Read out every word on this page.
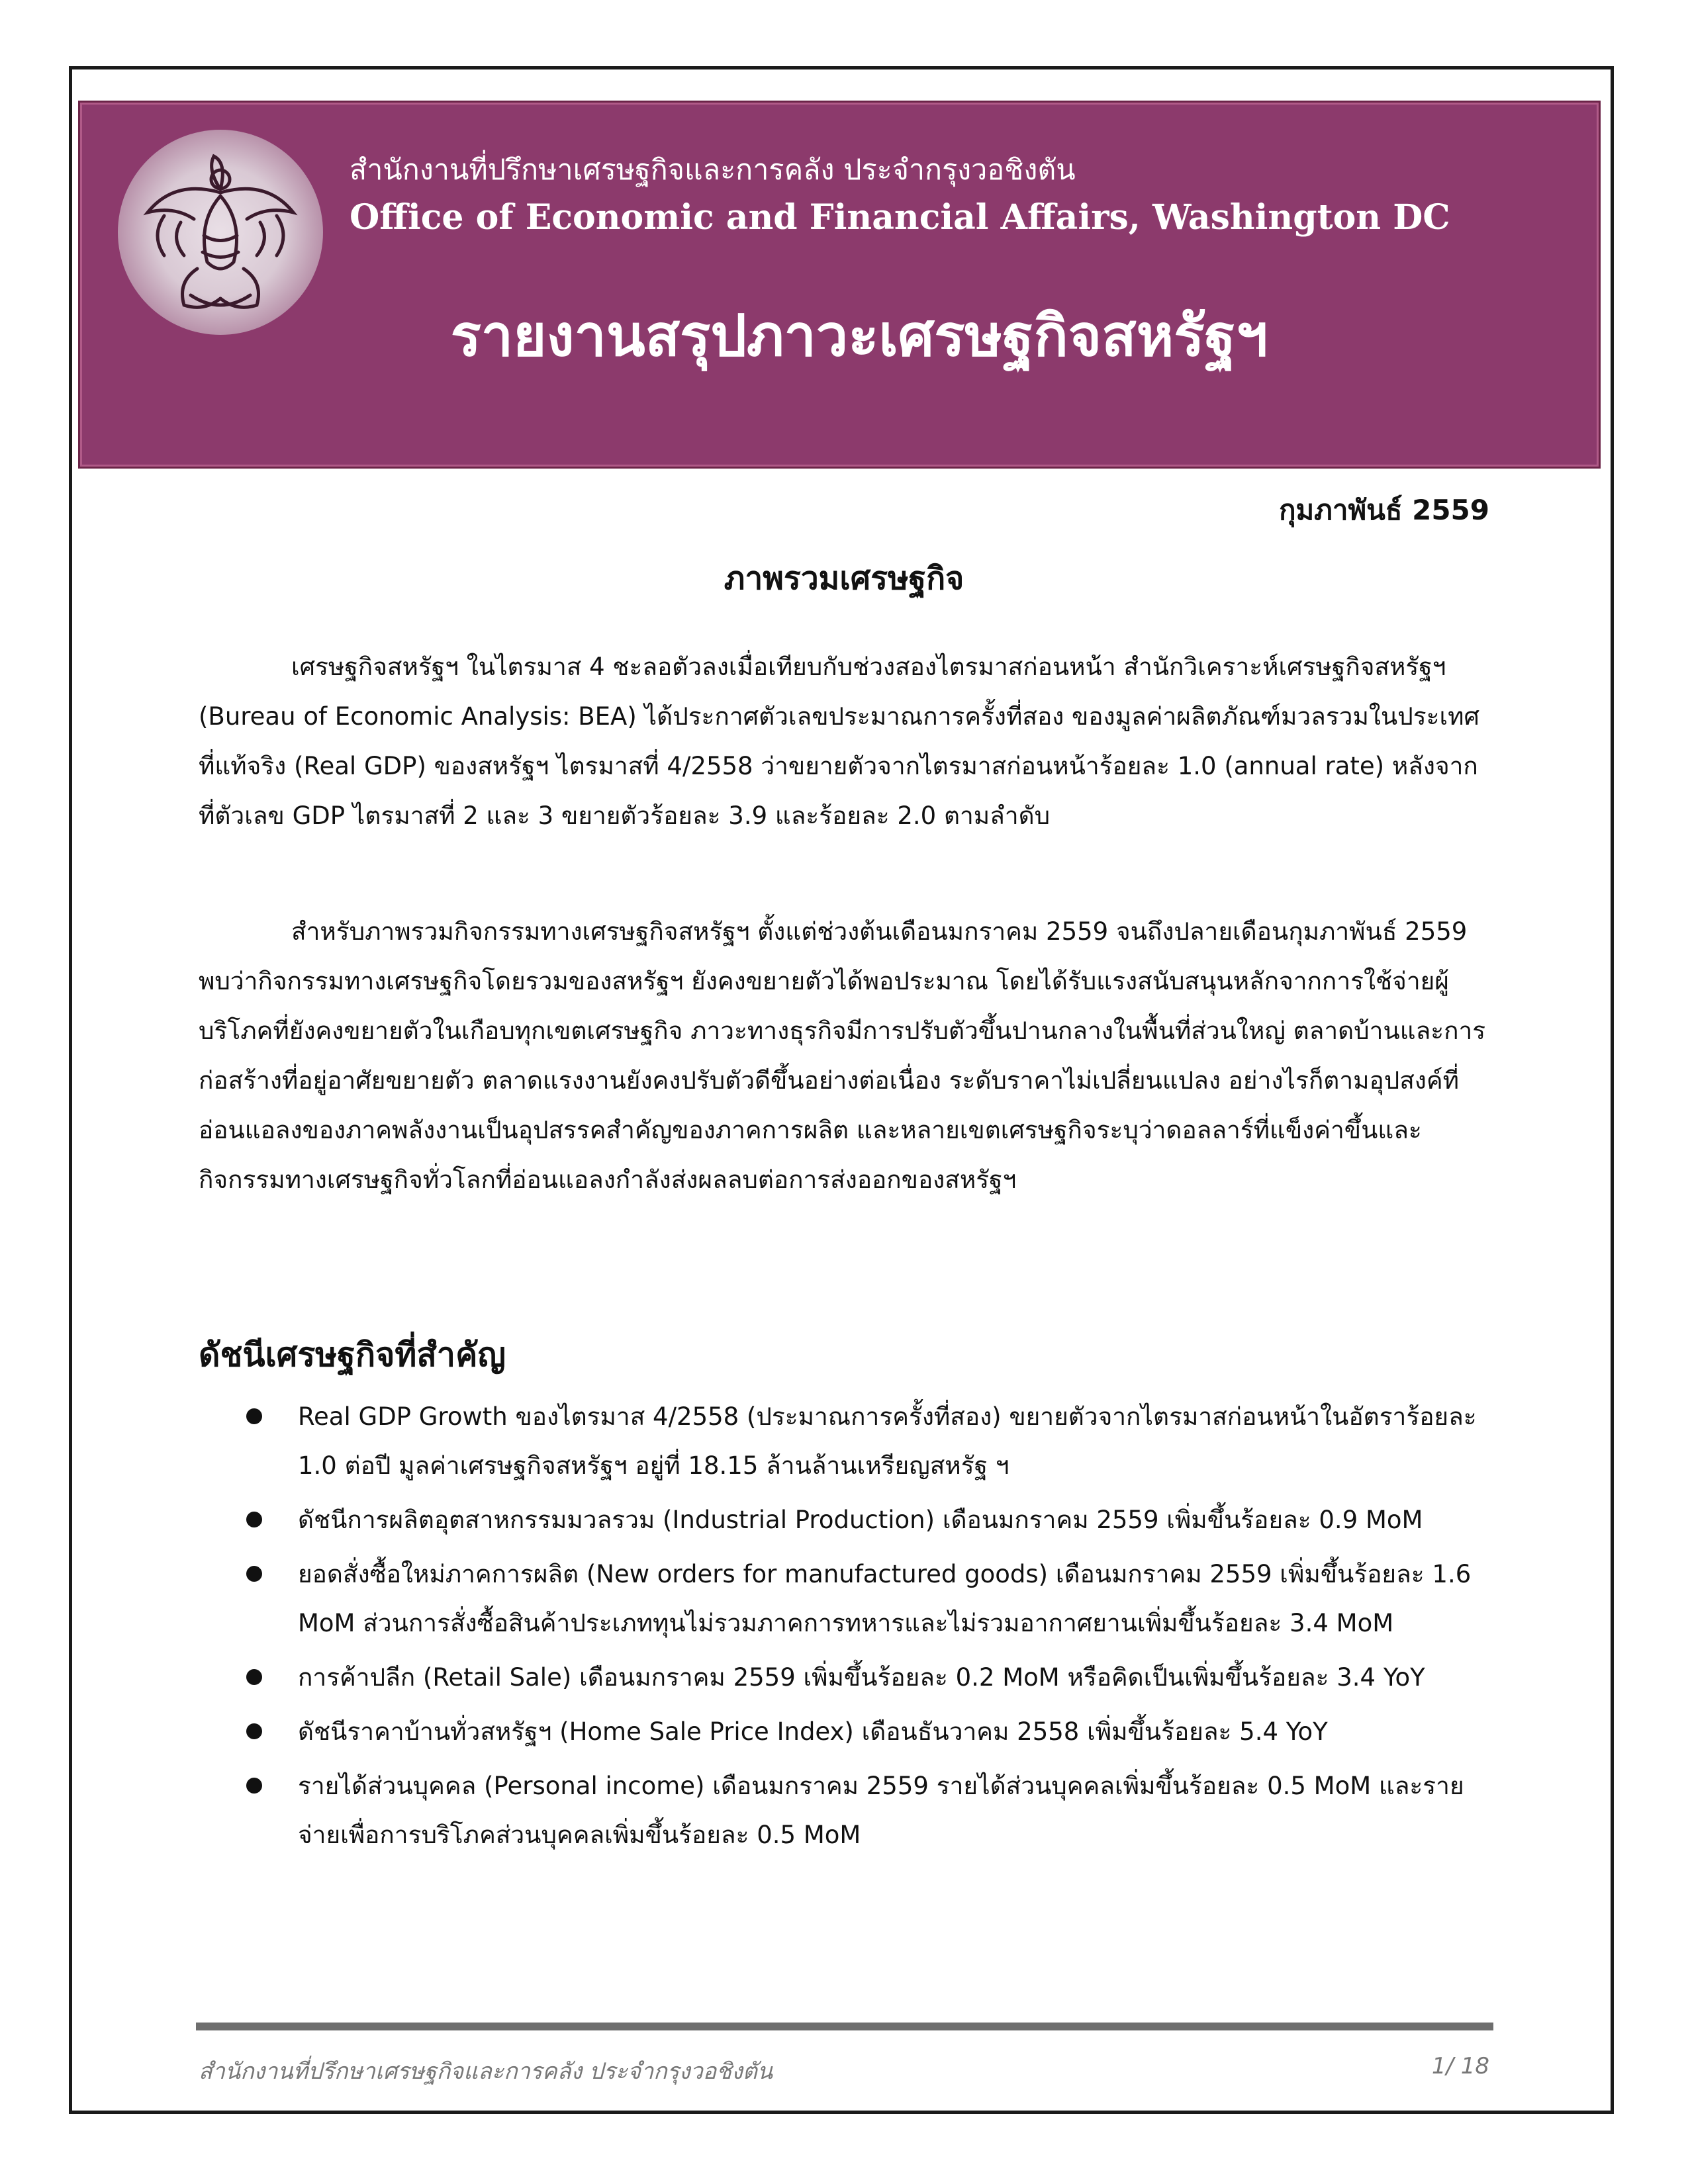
สำนักงานที่ปรึกษาเศรษฐกิจและการคลัง ประจำกรุงวอชิงตัน
Office of Economic and Financial Affairs, Washington DC
รายงานสรุปภาวะเศรษฐกิจสหรัฐฯ
กุมภาพันธ์ 2559
ภาพรวมเศรษฐกิจ

เศรษฐกิจสหรัฐฯ ในไตรมาส 4 ชะลอตัวลงเมื่อเทียบกับช่วงสองไตรมาสก่อนหน้า สำนักวิเคราะห์เศรษฐกิจสหรัฐฯ (Bureau of Economic Analysis: BEA) ได้ประกาศตัวเลขประมาณการครั้งที่สอง ของมูลค่าผลิตภัณฑ์มวลรวมในประเทศที่แท้จริง (Real GDP) ของสหรัฐฯ ไตรมาสที่ 4/2558 ว่าขยายตัวจากไตรมาสก่อนหน้าร้อยละ 1.0 (annual rate) หลังจากที่ตัวเลข GDP ไตรมาสที่ 2 และ 3 ขยายตัวร้อยละ 3.9 และร้อยละ 2.0 ตามลำดับ

สำหรับภาพรวมกิจกรรมทางเศรษฐกิจสหรัฐฯ ตั้งแต่ช่วงต้นเดือนมกราคม 2559 จนถึงปลายเดือนกุมภาพันธ์ 2559 พบว่ากิจกรรมทางเศรษฐกิจโดยรวมของสหรัฐฯ ยังคงขยายตัวได้พอประมาณ โดยได้รับแรงสนับสนุนหลักจากการใช้จ่ายผู้บริโภคที่ยังคงขยายตัวในเกือบทุกเขตเศรษฐกิจ ภาวะทางธุรกิจมีการปรับตัวขึ้นปานกลางในพื้นที่ส่วนใหญ่ ตลาดบ้านและการก่อสร้างที่อยู่อาศัยขยายตัว ตลาดแรงงานยังคงปรับตัวดีขึ้นอย่างต่อเนื่อง ระดับราคาไม่เปลี่ยนแปลง อย่างไรก็ตามอุปสงค์ที่อ่อนแอลงของภาคพลังงานเป็นอุปสรรคสำคัญของภาคการผลิต และหลายเขตเศรษฐกิจระบุว่าดอลลาร์ที่แข็งค่าขึ้นและกิจกรรมทางเศรษฐกิจทั่วโลกที่อ่อนแอลงกำลังส่งผลลบต่อการส่งออกของสหรัฐฯ

ดัชนีเศรษฐกิจที่สำคัญ
Real GDP Growth ของไตรมาส 4/2558 (ประมาณการครั้งที่สอง) ขยายตัวจากไตรมาสก่อนหน้าในอัตราร้อยละ 1.0 ต่อปี มูลค่าเศรษฐกิจสหรัฐฯ อยู่ที่ 18.15 ล้านล้านเหรียญสหรัฐ ฯ
ดัชนีการผลิตอุตสาหกรรมมวลรวม (Industrial Production) เดือนมกราคม 2559 เพิ่มขึ้นร้อยละ 0.9 MoM
ยอดสั่งซื้อใหม่ภาคการผลิต (New orders for manufactured goods) เดือนมกราคม 2559 เพิ่มขึ้นร้อยละ 1.6 MoM ส่วนการสั่งซื้อสินค้าประเภททุนไม่รวมภาคการทหารและไม่รวมอากาศยานเพิ่มขึ้นร้อยละ 3.4 MoM
การค้าปลีก (Retail Sale) เดือนมกราคม 2559 เพิ่มขึ้นร้อยละ 0.2 MoM หรือคิดเป็นเพิ่มขึ้นร้อยละ 3.4 YoY
ดัชนีราคาบ้านทั่วสหรัฐฯ (Home Sale Price Index) เดือนธันวาคม 2558 เพิ่มขึ้นร้อยละ 5.4 YoY
รายได้ส่วนบุคคล (Personal income) เดือนมกราคม 2559 รายได้ส่วนบุคคลเพิ่มขึ้นร้อยละ 0.5 MoM และรายจ่ายเพื่อการบริโภคส่วนบุคคลเพิ่มขึ้นร้อยละ 0.5 MoM
สำนักงานที่ปรึกษาเศรษฐกิจและการคลัง ประจำกรุงวอชิงตัน	1/ 18
